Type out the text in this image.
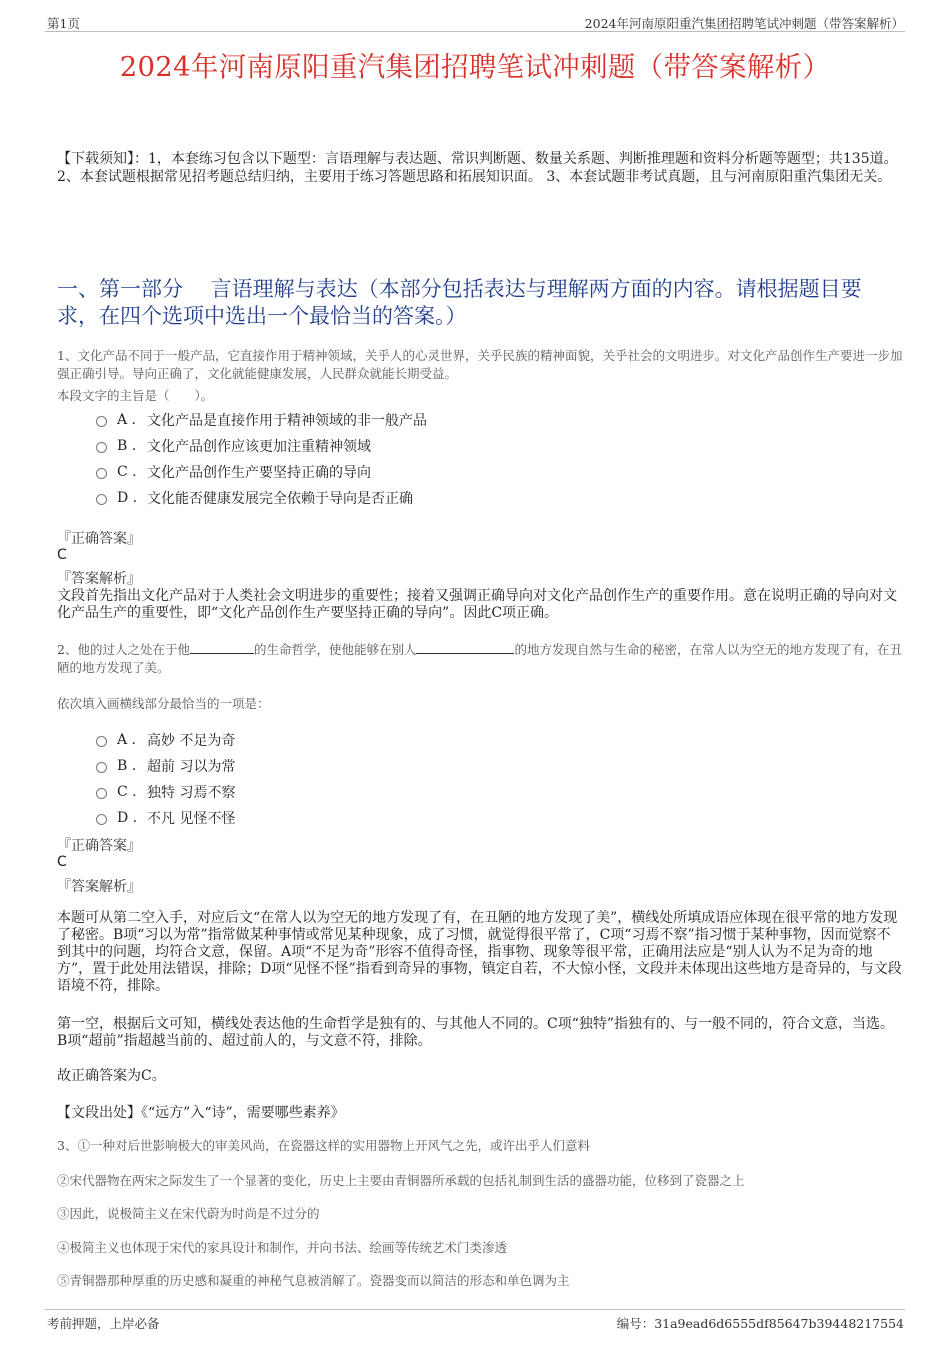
第1页	2024年河南原阳重汽集团招聘笔试冲刺题（带答案解析）
2024年河南原阳重汽集团招聘笔试冲刺题（带答案解析）
【下载须知】：1，本套练习包含以下题型：言语理解与表达题、常识判断题、数量关系题、判断推理题和资料分析题等题型；共135道。 2、本套试题根据常见招考题总结归纳，主要用于练习答题思路和拓展知识面。 3、本套试题非考试真题，且与河南原阳重汽集团无关。
一、第一部分　 言语理解与表达（本部分包括表达与理解两方面的内容。请根据题目要求，在四个选项中选出一个最恰当的答案。）
1、文化产品不同于一般产品，它直接作用于精神领域，关乎人的心灵世界，关乎民族的精神面貌，关乎社会的文明进步。对文化产品创作生产要进一步加强正确引导。导向正确了，文化就能健康发展，人民群众就能长期受益。
本段文字的主旨是（　　）。
A . 文化产品是直接作用于精神领域的非一般产品
B . 文化产品创作应该更加注重精神领域
C . 文化产品创作生产要坚持正确的导向
D . 文化能否健康发展完全依赖于导向是否正确
『正确答案』
C
『答案解析』
文段首先指出文化产品对于人类社会文明进步的重要性；接着又强调正确导向对文化产品创作生产的重要作用。意在说明正确的导向对文化产品生产的重要性，即“文化产品创作生产要坚持正确的导向”。因此C项正确。
2、他的过人之处在于他	的生命哲学，使他能够在别人	的地方发现自然与生命的秘密，在常人以为空无的地方发现了有，在丑陋的地方发现了美。
依次填入画横线部分最恰当的一项是：
A . 高妙 不足为奇
B . 超前 习以为常
C . 独特 习焉不察
D . 不凡 见怪不怪
『正确答案』
C
『答案解析』
本题可从第二空入手，对应后文“在常人以为空无的地方发现了有，在丑陋的地方发现了美”，横线处所填成语应体现在很平常的地方发现了秘密。B项“习以为常”指常做某种事情或常见某种现象，成了习惯，就觉得很平常了，C项“习焉不察”指习惯于某种事物，因而觉察不到其中的问题，均符合文意，保留。A项“不足为奇”形容不值得奇怪，指事物、现象等很平常，正确用法应是“别人认为不足为奇的地方”，置于此处用法错误，排除；D项“见怪不怪”指看到奇异的事物，镇定自若，不大惊小怪，文段并未体现出这些地方是奇异的，与文段语境不符，排除。
第一空，根据后文可知，横线处表达他的生命哲学是独有的、与其他人不同的。C项“独特”指独有的、与一般不同的，符合文意，当选。B项“超前”指超越当前的、超过前人的，与文意不符，排除。
故正确答案为C。
【文段出处】《“远方”入“诗”，需要哪些素养》
3、①一种对后世影响极大的审美风尚，在瓷器这样的实用器物上开风气之先，或许出乎人们意料
②宋代器物在两宋之际发生了一个显著的变化，历史上主要由青铜器所承载的包括礼制到生活的盛器功能，位移到了瓷器之上
③因此，说极简主义在宋代蔚为时尚是不过分的
④极简主义也体现于宋代的家具设计和制作，并向书法、绘画等传统艺术门类渗透
⑤青铜器那种厚重的历史感和凝重的神秘气息被消解了。瓷器变而以简洁的形态和单色调为主
考前押题，上岸必备	编号：31a9ead6d6555df85647b39448217554
